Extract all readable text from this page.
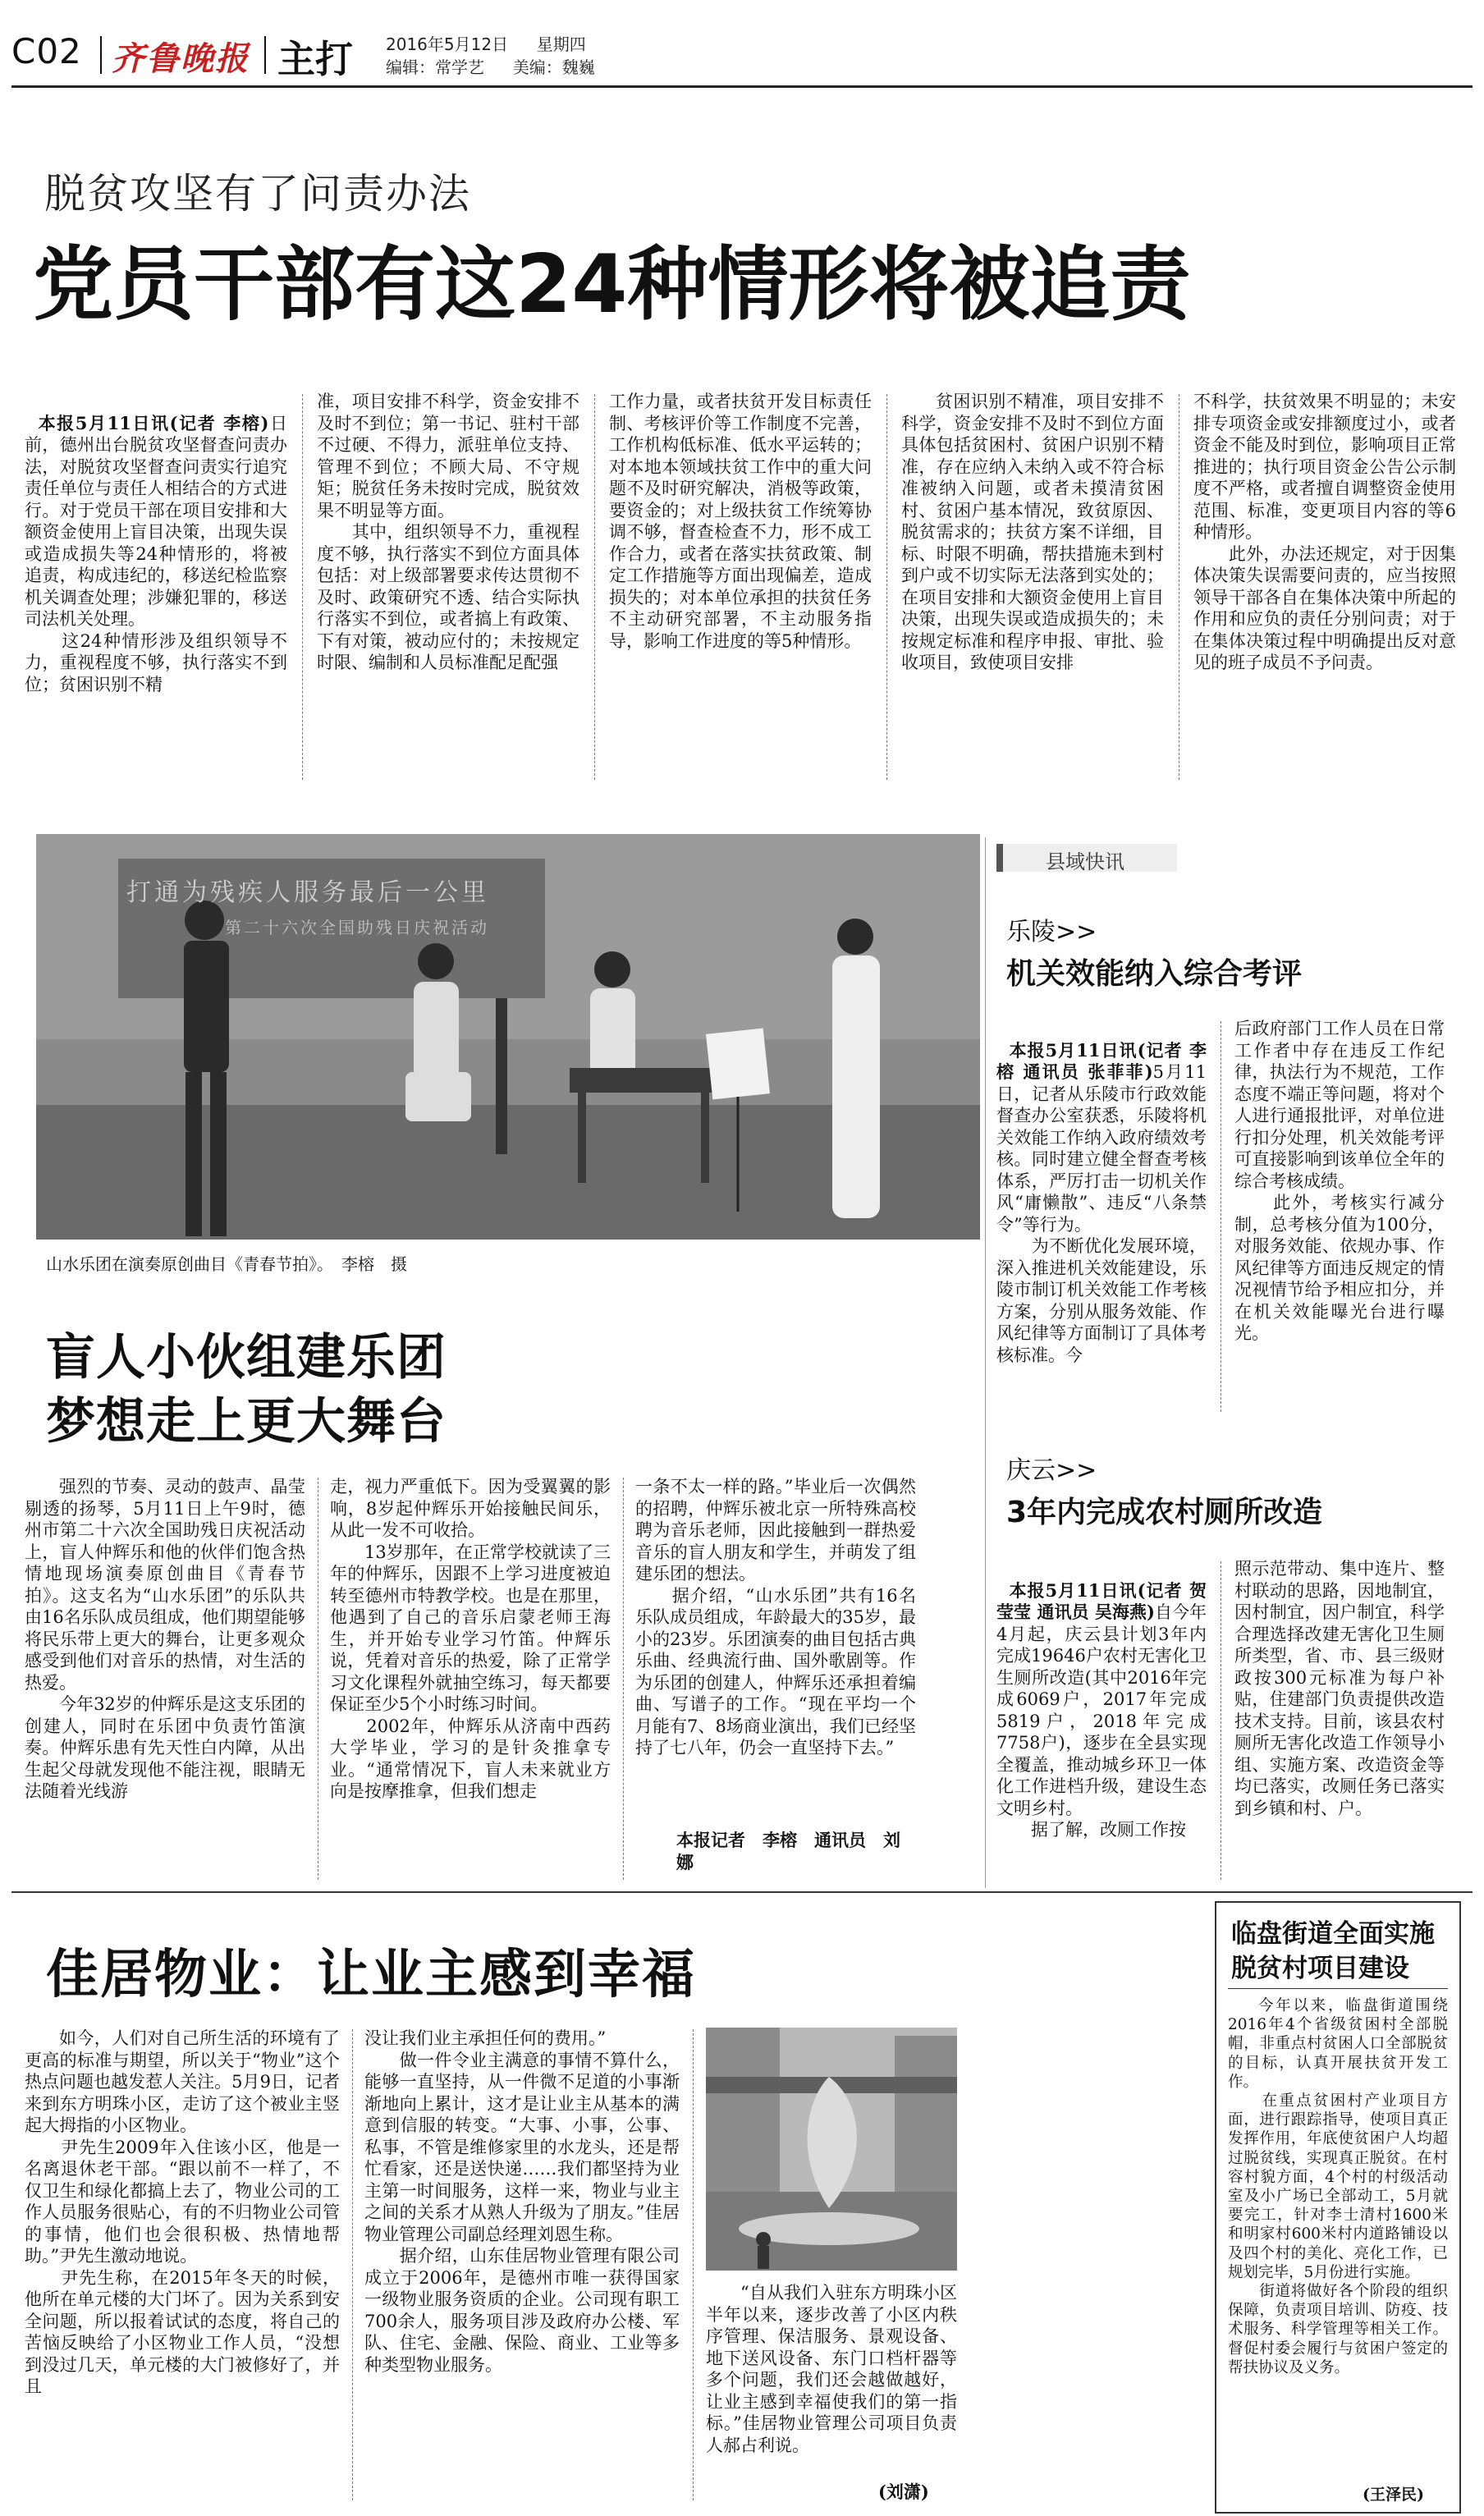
C02 齐鲁晚报 主打 2016年5月12日 星期四
编辑：常学艺 美编：魏巍
脱贫攻坚有了问责办法
党员干部有这24种情形将被追责

本报5月11日讯(记者 李榕)日前，德州出台脱贫攻坚督查问责办法，对脱贫攻坚督查问责实行追究责任单位与责任人相结合的方式进行。对于党员干部在项目安排和大额资金使用上盲目决策，出现失误或造成损失等24种情形的，将被追责，构成违纪的，移送纪检监察机关调查处理；涉嫌犯罪的，移送司法机关处理。
　　这24种情形涉及组织领导不力，重视程度不够，执行落实不到位；贫困识别不精

准，项目安排不科学，资金安排不及时不到位；第一书记、驻村干部不过硬、不得力，派驻单位支持、管理不到位；不顾大局、不守规矩；脱贫任务未按时完成，脱贫效果不明显等方面。
　　其中，组织领导不力，重视程度不够，执行落实不到位方面具体包括：对上级部署要求传达贯彻不及时、政策研究不透、结合实际执行落实不到位，或者搞上有政策、下有对策，被动应付的；未按规定时限、编制和人员标准配足配强
工作力量，或者扶贫开发目标责任制、考核评价等工作制度不完善，工作机构低标准、低水平运转的；对本地本领域扶贫工作中的重大问题不及时研究解决，消极等政策，要资金的；对上级扶贫工作统筹协调不够，督查检查不力，形不成工作合力，或者在落实扶贫政策、制定工作措施等方面出现偏差，造成损失的；对本单位承担的扶贫任务不主动研究部署，不主动服务指导，影响工作进度的等5种情形。
贫困识别不精准，项目安排不科学，资金安排不及时不到位方面具体包括贫困村、贫困户识别不精准，存在应纳入未纳入或不符合标准被纳入问题，或者未摸清贫困村、贫困户基本情况，致贫原因、脱贫需求的；扶贫方案不详细，目标、时限不明确，帮扶措施未到村到户或不切实际无法落到实处的；在项目安排和大额资金使用上盲目决策，出现失误或造成损失的；未按规定标准和程序申报、审批、验收项目，致使项目安排
不科学，扶贫效果不明显的；未安排专项资金或安排额度过小，或者资金不能及时到位，影响项目正常推进的；执行项目资金公告公示制度不严格，或者擅自调整资金使用范围、标准，变更项目内容的等6种情形。
　　此外，办法还规定，对于因集体决策失误需要问责的，应当按照领导干部各自在集体决策中所起的作用和应负的责任分别问责；对于在集体决策过程中明确提出反对意见的班子成员不予问责。
打通为残疾人服务最后一公里
第二十六次全国助残日庆祝活动
山水乐团在演奏原创曲目《青春节拍》。　李榕　摄
盲人小伙组建乐团
梦想走上更大舞台
强烈的节奏、灵动的鼓声、晶莹剔透的扬琴，5月11日上午9时，德州市第二十六次全国助残日庆祝活动上，盲人仲辉乐和他的伙伴们饱含热情地现场演奏原创曲目《青春节拍》。这支名为“山水乐团”的乐队共由16名乐队成员组成，他们期望能够将民乐带上更大的舞台，让更多观众感受到他们对音乐的热情，对生活的热爱。
　　今年32岁的仲辉乐是这支乐团的创建人，同时在乐团中负责竹笛演奏。仲辉乐患有先天性白内障，从出生起父母就发现他不能注视，眼睛无法随着光线游
走，视力严重低下。因为受翼翼的影响，8岁起仲辉乐开始接触民间乐，从此一发不可收拾。
　　13岁那年，在正常学校就读了三年的仲辉乐，因跟不上学习进度被迫转至德州市特教学校。也是在那里，他遇到了自己的音乐启蒙老师王海生，并开始专业学习竹笛。仲辉乐说，凭着对音乐的热爱，除了正常学习文化课程外就抽空练习，每天都要保证至少5个小时练习时间。
　　2002年，仲辉乐从济南中西药大学毕业，学习的是针灸推拿专业。“通常情况下，盲人未来就业方向是按摩推拿，但我们想走
一条不太一样的路。”毕业后一次偶然的招聘，仲辉乐被北京一所特殊高校聘为音乐老师，因此接触到一群热爱音乐的盲人朋友和学生，并萌发了组建乐团的想法。
　　据介绍，“山水乐团”共有16名乐队成员组成，年龄最大的35岁，最小的23岁。乐团演奏的曲目包括古典乐曲、经典流行曲、国外歌剧等。作为乐团的创建人，仲辉乐还承担着编曲、写谱子的工作。“现在平均一个月能有7、8场商业演出，我们已经坚持了七八年，仍会一直坚持下去。”
本报记者　李榕　通讯员　刘娜
县域快讯
乐陵>>
机关效能纳入综合考评

本报5月11日讯(记者 李榕 通讯员 张菲菲)5月11日，记者从乐陵市行政效能督查办公室获悉，乐陵将机关效能工作纳入政府绩效考核。同时建立健全督查考核体系，严厉打击一切机关作风“庸懒散”、违反“八条禁令”等行为。
　　为不断优化发展环境，深入推进机关效能建设，乐陵市制订机关效能工作考核方案，分别从服务效能、作风纪律等方面制订了具体考核标准。今

后政府部门工作人员在日常工作者中存在违反工作纪律，执法行为不规范，工作态度不端正等问题，将对个人进行通报批评，对单位进行扣分处理，机关效能考评可直接影响到该单位全年的综合考核成绩。
　　此外，考核实行减分制，总考核分值为100分，对服务效能、依规办事、作风纪律等方面违反规定的情况视情节给予相应扣分，并在机关效能曝光台进行曝光。
庆云>>
3年内完成农村厕所改造

本报5月11日讯(记者 贺莹莹 通讯员 吴海燕)自今年4月起，庆云县计划3年内完成19646户农村无害化卫生厕所改造(其中2016年完成6069户，2017年完成5819户，2018年完成7758户)，逐步在全县实现全覆盖，推动城乡环卫一体化工作进档升级，建设生态文明乡村。
　　据了解，改厕工作按

照示范带动、集中连片、整村联动的思路，因地制宜，因村制宜，因户制宜，科学合理选择改建无害化卫生厕所类型，省、市、县三级财政按300元标准为每户补贴，住建部门负责提供改造技术支持。目前，该县农村厕所无害化改造工作领导小组、实施方案、改造资金等均已落实，改厕任务已落实到乡镇和村、户。
佳居物业：让业主感到幸福
如今，人们对自己所生活的环境有了更高的标准与期望，所以关于“物业”这个热点问题也越发惹人关注。5月9日，记者来到东方明珠小区，走访了这个被业主竖起大拇指的小区物业。
　　尹先生2009年入住该小区，他是一名离退休老干部。“跟以前不一样了，不仅卫生和绿化都搞上去了，物业公司的工作人员服务很贴心，有的不归物业公司管的事情，他们也会很积极、热情地帮助。”尹先生激动地说。
　　尹先生称，在2015年冬天的时候，他所在单元楼的大门坏了。因为关系到安全问题，所以报着试试的态度，将自己的苦恼反映给了小区物业工作人员，“没想到没过几天，单元楼的大门被修好了，并且
没让我们业主承担任何的费用。”
　　做一件令业主满意的事情不算什么，能够一直坚持，从一件微不足道的小事渐渐地向上累计，这才是让业主从基本的满意到信服的转变。“大事、小事，公事、私事，不管是维修家里的水龙头，还是帮忙看家，还是送快递……我们都坚持为业主第一时间服务，这样一来，物业与业主之间的关系才从熟人升级为了朋友。”佳居物业管理公司副总经理刘恩生称。
　　据介绍，山东佳居物业管理有限公司成立于2006年，是德州市唯一获得国家一级物业服务资质的企业。公司现有职工700余人，服务项目涉及政府办公楼、军队、住宅、金融、保险、商业、工业等多种类型物业服务。
“自从我们入驻东方明珠小区半年以来，逐步改善了小区内秩序管理、保洁服务、景观设备、地下送风设备、东门口档杆器等多个问题，我们还会越做越好，让业主感到幸福使我们的第一指标。”佳居物业管理公司项目负责人郝占利说。
(刘潇)
临盘街道全面实施
脱贫村项目建设
今年以来，临盘街道围绕2016年4个省级贫困村全部脱帽，非重点村贫困人口全部脱贫的目标，认真开展扶贫开发工作。
　　在重点贫困村产业项目方面，进行跟踪指导，使项目真正发挥作用，年底使贫困户人均超过脱贫线，实现真正脱贫。在村容村貌方面，4个村的村级活动室及小广场已全部动工，5月就要完工，针对李士清村1600米和明家村600米村内道路铺设以及四个村的美化、亮化工作，已规划完毕，5月份进行实施。
　　街道将做好各个阶段的组织保障，负责项目培训、防疫、技术服务、科学管理等相关工作。督促村委会履行与贫困户签定的帮扶协议及义务。
(王泽民)
